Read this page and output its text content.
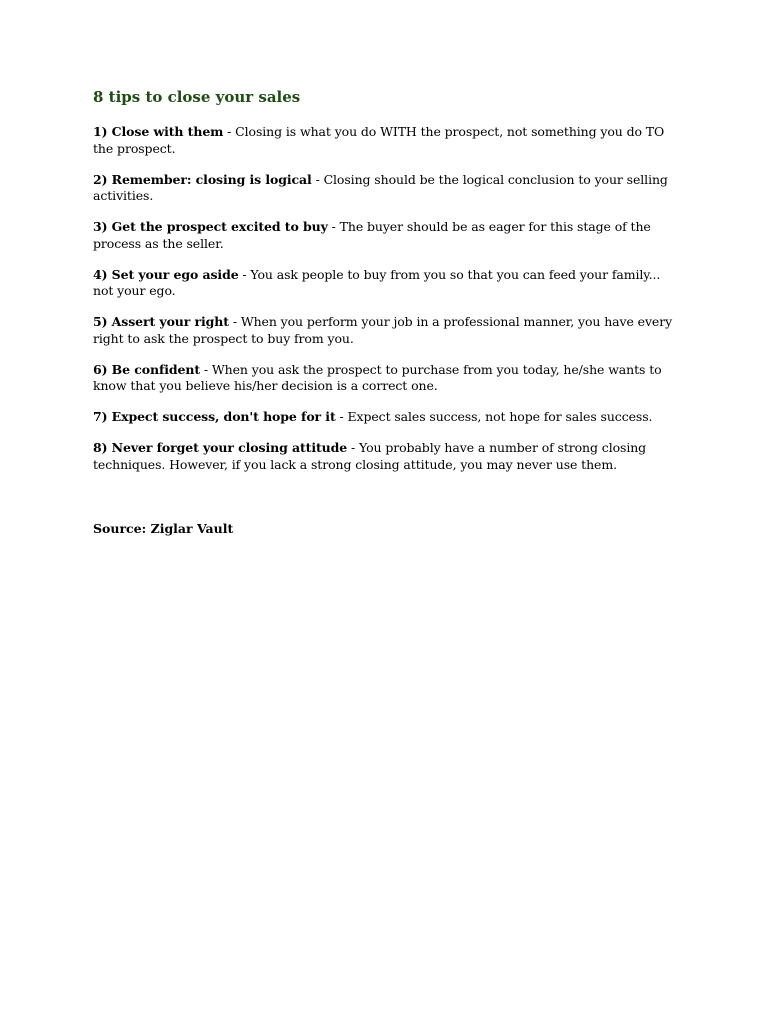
8 tips to close your sales
1) Close with them - Closing is what you do WITH the prospect, not something you do TO the prospect.
2) Remember: closing is logical - Closing should be the logical conclusion to your selling activities.
3) Get the prospect excited to buy - The buyer should be as eager for this stage of the process as the seller.
4) Set your ego aside - You ask people to buy from you so that you can feed your family... not your ego.
5) Assert your right - When you perform your job in a professional manner, you have every right to ask the prospect to buy from you.
6) Be confident - When you ask the prospect to purchase from you today, he/she wants to know that you believe his/her decision is a correct one.
7) Expect success, don't hope for it - Expect sales success, not hope for sales success.
8) Never forget your closing attitude - You probably have a number of strong closing techniques. However, if you lack a strong closing attitude, you may never use them.
Source: Ziglar Vault
